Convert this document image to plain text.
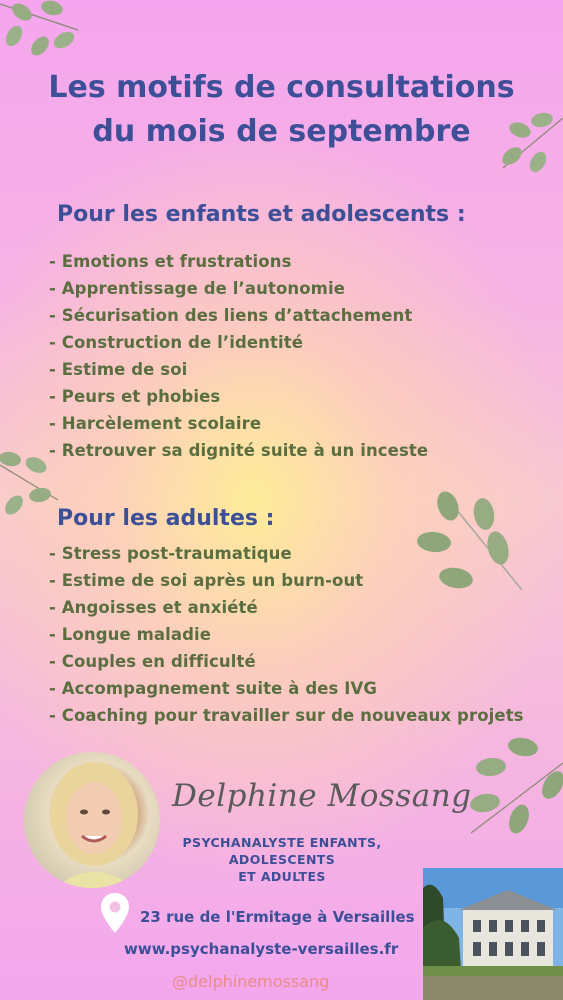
Les motifs de consultations
du mois de septembre
Pour les enfants et adolescents :
- Emotions et frustrations
- Apprentissage de l’autonomie
- Sécurisation des liens d’attachement
- Construction de l’identité
- Estime de soi
- Peurs et phobies
- Harcèlement scolaire
- Retrouver sa dignité suite à un inceste
Pour les adultes :
- Stress post-traumatique
- Estime de soi après un burn-out
- Angoisses et anxiété
- Longue maladie
- Couples en difficulté
- Accompagnement suite à des IVG
- Coaching pour travailler sur de nouveaux projets
Delphine Mossang
PSYCHANALYSTE ENFANTS,
ADOLESCENTS
ET ADULTES
23 rue de l'Ermitage à Versailles
www.psychanalyste-versailles.fr
@delphinemossang
